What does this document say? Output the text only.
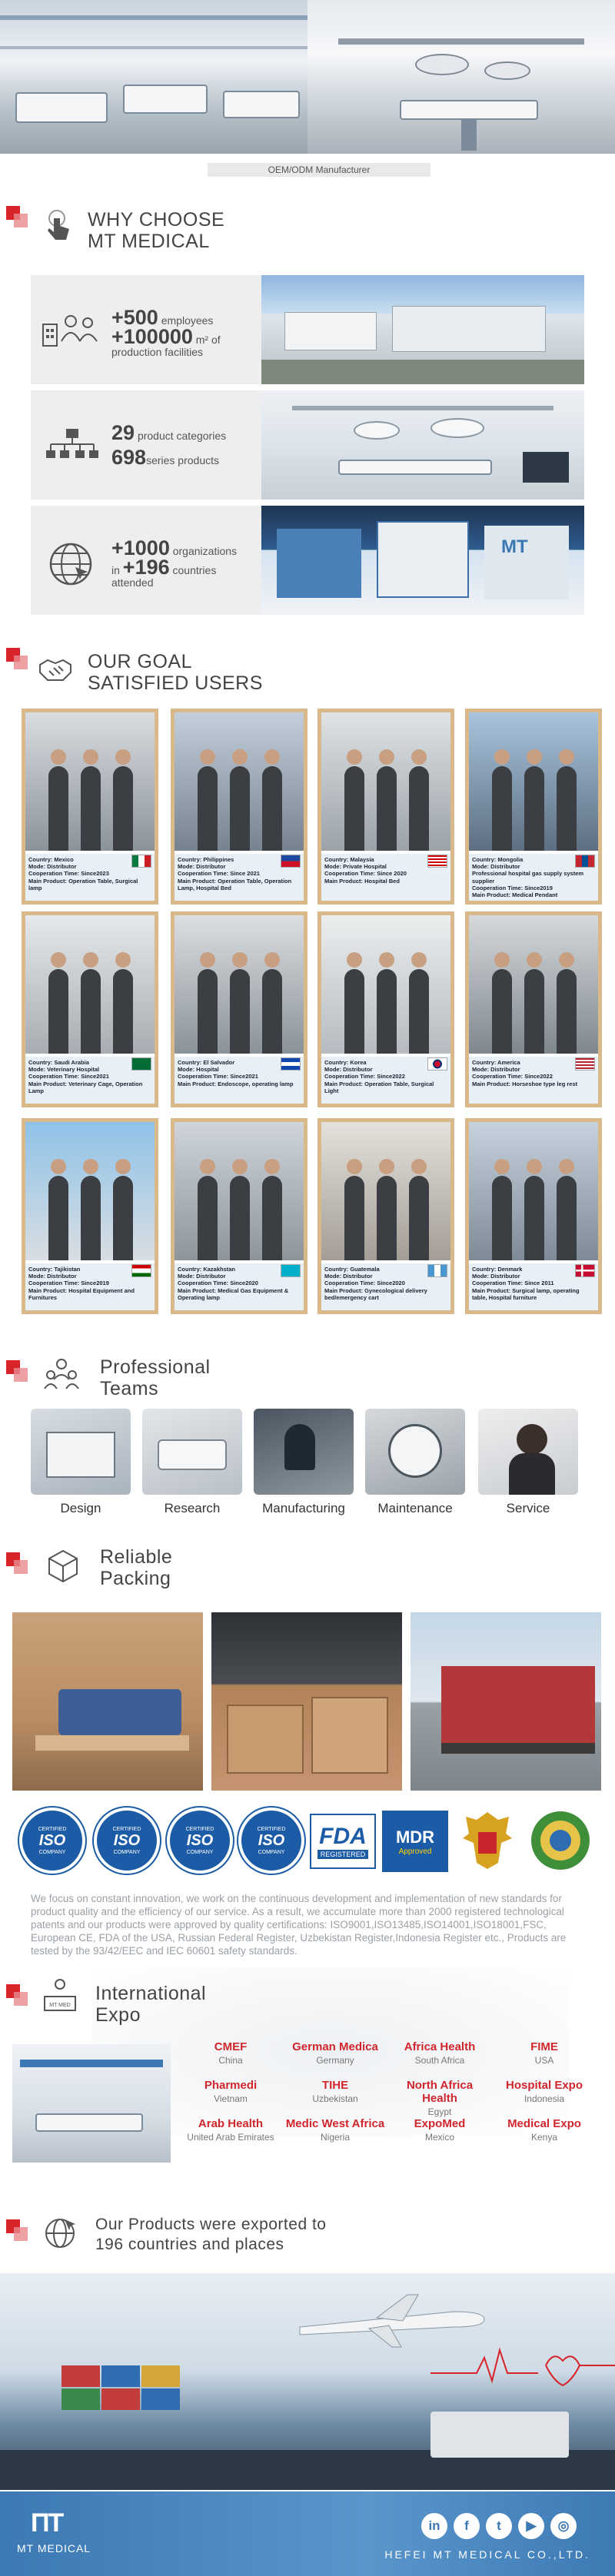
OEM/ODM Manufacturer
WHY CHOOSE
MT MEDICAL
+500 employees
+100000 m² of production facilities
29 product categories
698series products
+1000 organizations
in +196 countries attended
MT
OUR GOAL
SATISFIED USERS
Country: Mexico
Mode: Distributor
Cooperation Time: Since2023
Main Product: Operation Table, Surgical lamp
Country: Philippines
Mode: Distributor
Cooperation Time: Since 2021
Main Product: Operation Table, Operation Lamp, Hospital Bed
Country: Malaysia
Mode: Private Hospital
Cooperation Time: Since 2020
Main Product: Hospital Bed
Country: Mongolia
Mode: Distributor
Professional hospital gas supply system supplier
Cooperation Time: Since2019
Main Product: Medical Pendant
Country: Saudi Arabia
Mode: Veterinary Hospital
Cooperation Time: Since2021
Main Product: Veterinary Cage, Operation Lamp
Country: El Salvador
Mode: Hospital
Cooperation Time: Since2021
Main Product: Endoscope, operating lamp
Country: Korea
Mode: Distributor
Cooperation Time: Since2022
Main Product: Operation Table, Surgical Light
Country: America
Mode: Distributor
Cooperation Time: Since2022
Main Product: Horseshoe type leg rest
Country: Tajikistan
Mode: Distributor
Cooperation Time: Since2019
Main Product: Hospital Equipment and Furnitures
Country: Kazakhstan
Mode: Distributor
Cooperation Time: Since2020
Main Product: Medical Gas Equipment & Operating lamp
Country: Guatemala
Mode: Distributor
Cooperation Time: Since2020
Main Product: Gynecological delivery bed/emergency cart
Country: Denmark
Mode: Distributor
Cooperation Time: Since 2011
Main Product: Surgical lamp, operating table, Hospital furniture
Professional
Teams
Design	Research	Manufacturing	Maintenance	Service
Reliable
Packing
CERTIFIED
ISO
COMPANY
CERTIFIED
ISO
COMPANY
CERTIFIED
ISO
COMPANY
CERTIFIED
ISO
COMPANY
FDA
REGISTERED
MDR
Approved
We focus on constant innovation, we work on the continuous development and implementation of new standards for product quality and the efficiency of our service. As a result, we accumulate more than 2000 registered technological patents and our products were approved by quality certifications: ISO9001,ISO13485,ISO14001,ISO18001,FSC, European CE, FDA of the USA, Russian Federal Register, Uzbekistan Register,Indonesia Register etc., Products are tested by the 93/42/EEC and IEC 60601 safety standards.
MT MED
International
Expo
CMEF
China
German Medica
Germany
Africa Health
South Africa
FIME
USA
Pharmedi
Vietnam
TIHE
Uzbekistan
North Africa Health
Egypt
Hospital Expo
Indonesia
Arab Health
United Arab Emirates
Medic West Africa
Nigeria
ExpoMed
Mexico
Medical Expo
Kenya
Our Products were exported to
196 countries and places
ΠΤ
MT MEDICAL
in	f	t	▶	◎
HEFEI MT MEDICAL CO.,LTD.
